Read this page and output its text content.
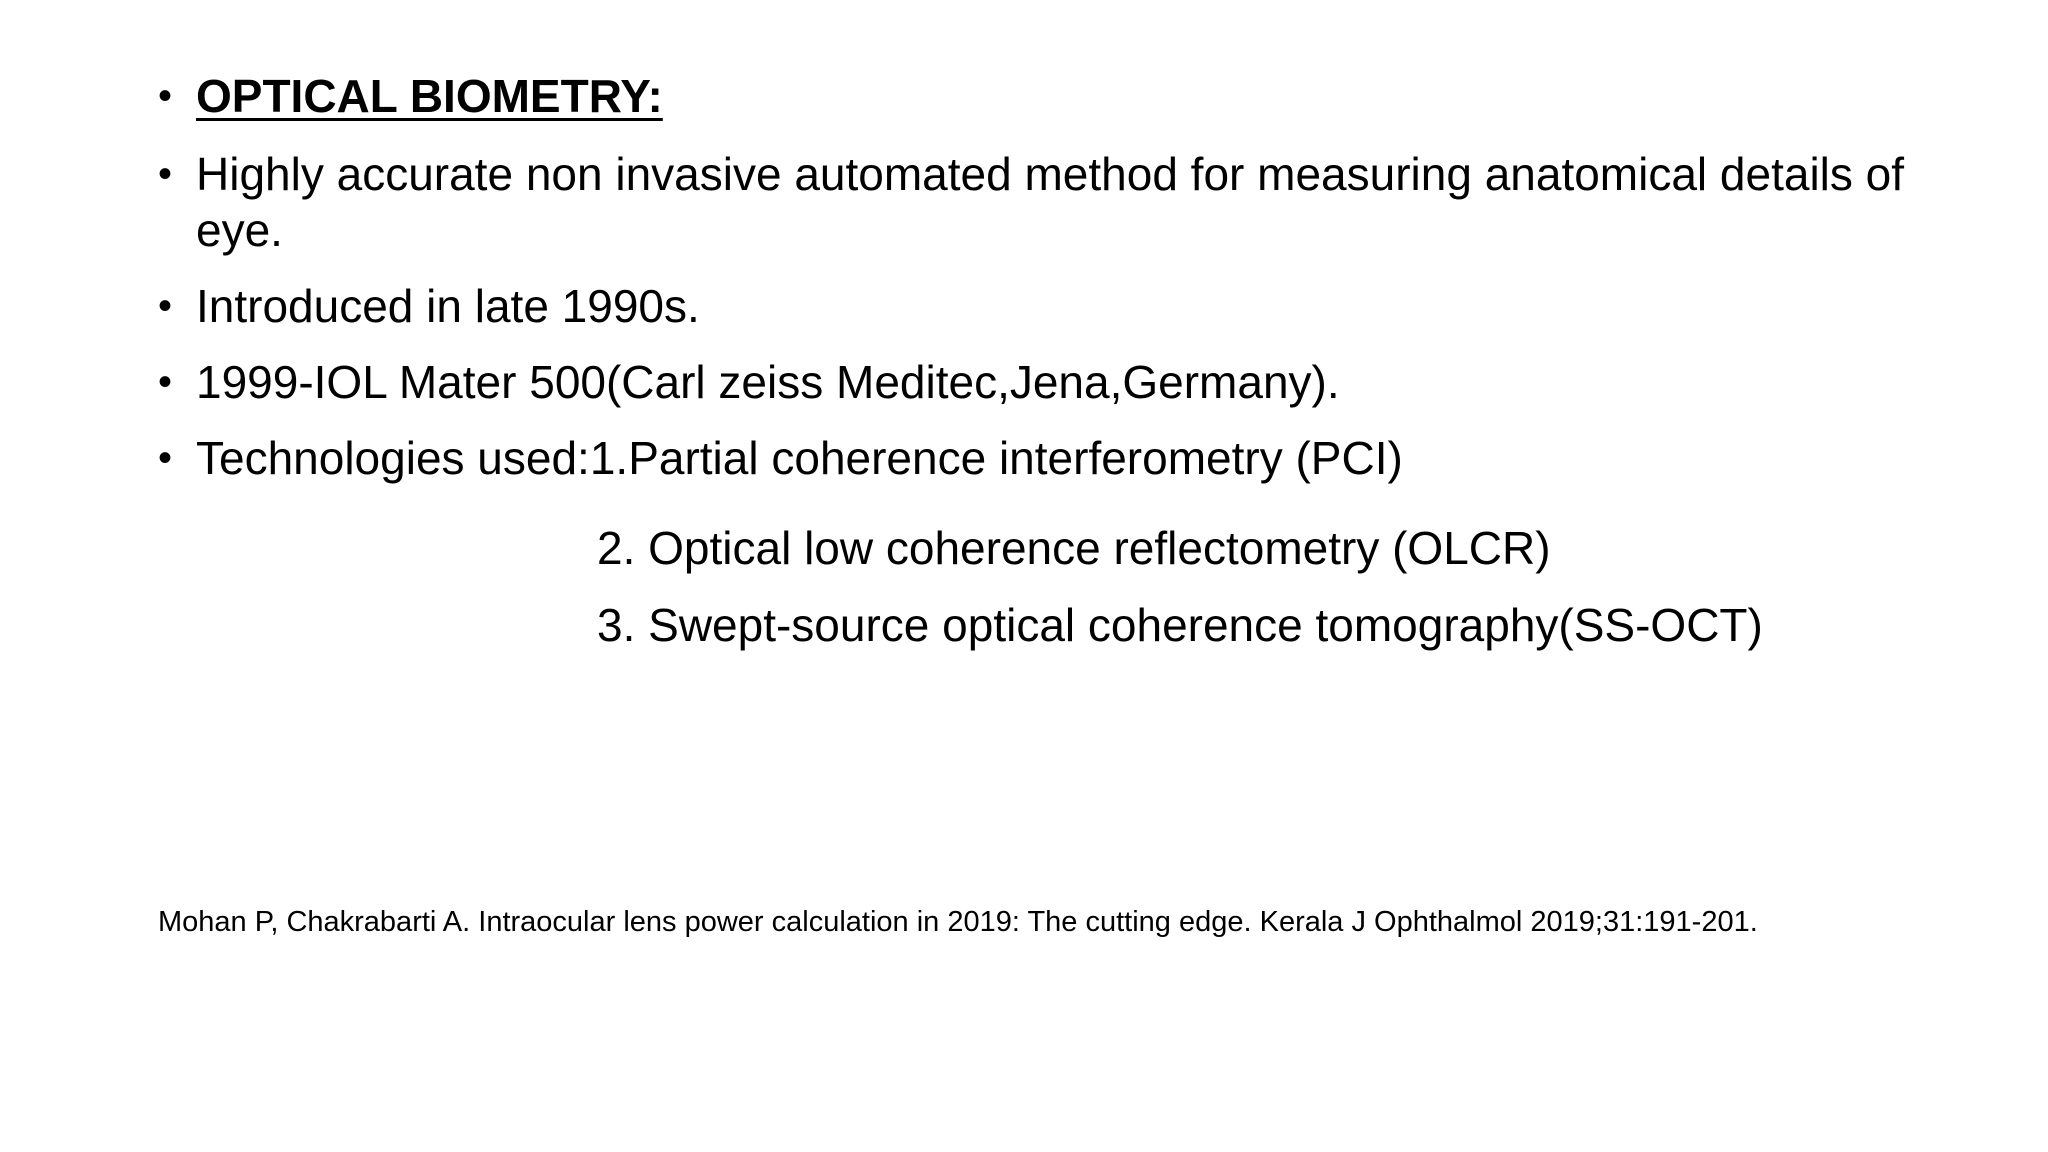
• OPTICAL BIOMETRY:
• Highly accurate non invasive automated method for measuring anatomical details of eye.
• Introduced in late 1990s.
• 1999-IOL Mater 500(Carl zeiss Meditec,Jena,Germany).
• Technologies used:1.Partial coherence interferometry (PCI)
2. Optical low coherence reflectometry (OLCR)
3. Swept-source optical coherence tomography(SS-OCT)
Mohan P, Chakrabarti A. Intraocular lens power calculation in 2019: The cutting edge. Kerala J Ophthalmol 2019;31:191-201.
